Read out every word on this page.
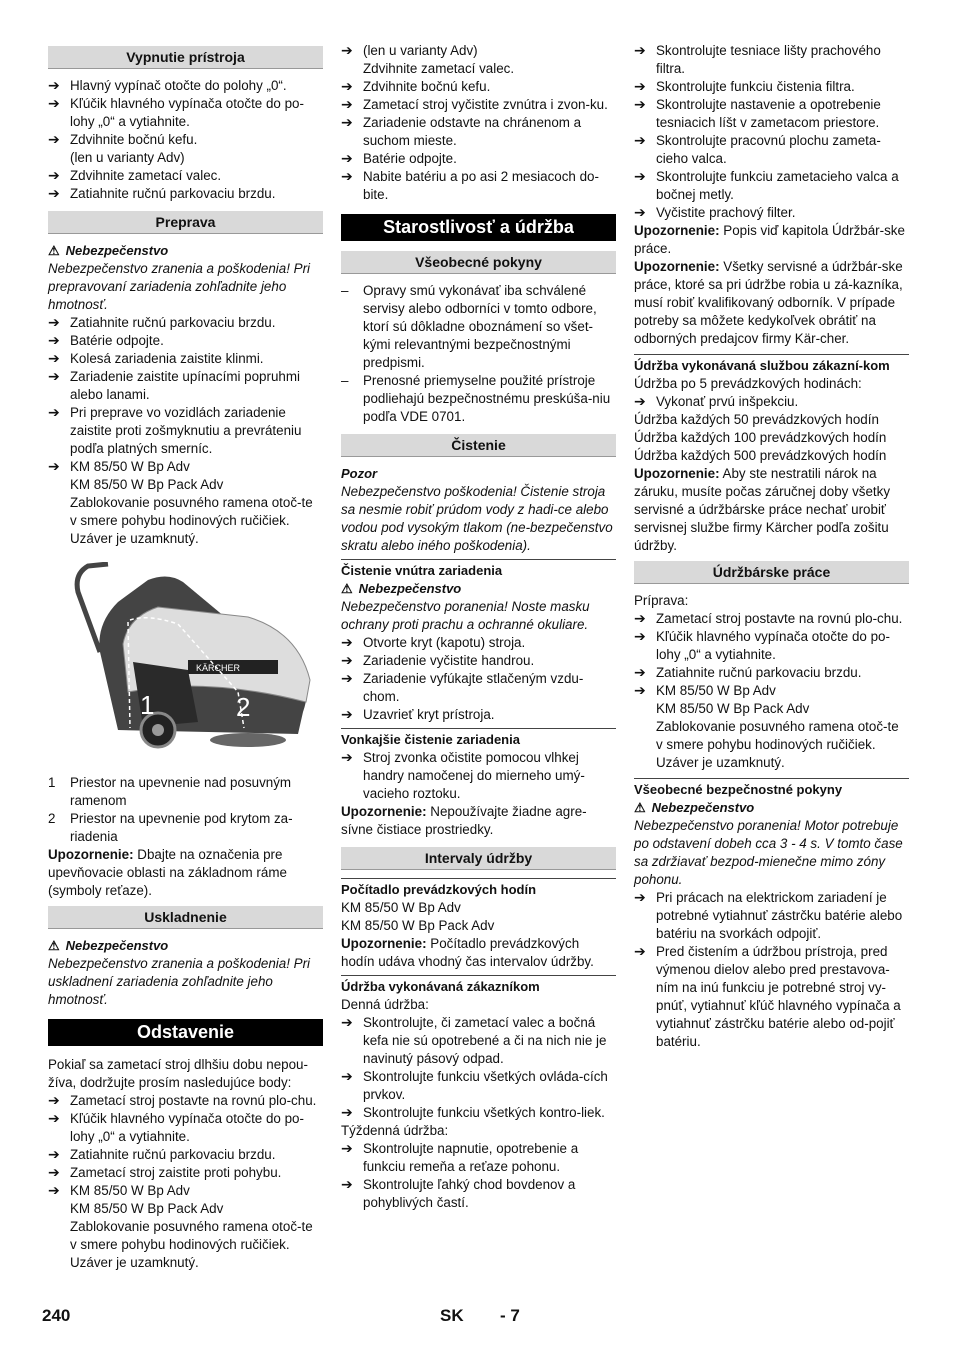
Vypnutie prístroja
➔ Hlavný vypínač otočte do polohy „0“.
➔ Kľúčik hlavného vypínača otočte do po-lohy „0“ a vytiahnite.
➔ Zdvihnite bočnú kefu.
(len u varianty Adv)
➔ Zdvihnite zametací valec.
➔ Zatiahnite ručnú parkovaciu brzdu.
Preprava
⚠ Nebezpečenstvo
Nebezpečenstvo zranenia a poškodenia! Pri prepravovaní zariadenia zohľadnite jeho hmotnosť.
➔ Zatiahnite ručnú parkovaciu brzdu.
➔ Batérie odpojte.
➔ Kolesá zariadenia zaistite klinmi.
➔ Zariadenie zaistite upínacími popruhmi alebo lanami.
➔ Pri preprave vo vozidlách zariadenie zaistite proti zošmyknutiu a prevráteniu podľa platných smerníc.
➔ KM 85/50 W Bp Adv
KM 85/50 W Bp Pack Adv
Zablokovanie posuvného ramena otoč-te v smere pohybu hodinových ručičiek. Uzáver je uzamknutý.
KÄRCHER
1	2
1 Priestor na upevnenie nad posuvným ramenom
2 Priestor na upevnenie pod krytom za-riadenia
Upozornenie: Dbajte na označenia pre upevňovacie oblasti na základnom ráme (symboly reťaze).
Uskladnenie
⚠ Nebezpečenstvo
Nebezpečenstvo zranenia a poškodenia! Pri uskladnení zariadenia zohľadnite jeho hmotnosť.
Odstavenie
Pokiaľ sa zametací stroj dlhšiu dobu nepou-žíva, dodržujte prosím nasledujúce body:
➔ Zametací stroj postavte na rovnú plo-chu.
➔ Kľúčik hlavného vypínača otočte do po-lohy „0“ a vytiahnite.
➔ Zatiahnite ručnú parkovaciu brzdu.
➔ Zametací stroj zaistite proti pohybu.
➔ KM 85/50 W Bp Adv
KM 85/50 W Bp Pack Adv
Zablokovanie posuvného ramena otoč-te v smere pohybu hodinových ručičiek. Uzáver je uzamknutý.
➔ (len u varianty Adv)
Zdvihnite zametací valec.
➔ Zdvihnite bočnú kefu.
➔ Zametací stroj vyčistite zvnútra i zvon-ku.
➔ Zariadenie odstavte na chránenom a suchom mieste.
➔ Batérie odpojte.
➔ Nabite batériu a po asi 2 mesiacoch do-bite.
Starostlivosť a údržba
Všeobecné pokyny
– Opravy smú vykonávať iba schválené servisy alebo odborníci v tomto odbore, ktorí sú dôkladne oboznámení so všet-kými relevantnými bezpečnostnými predpismi.
– Prenosné priemyselne použité prístroje podliehajú bezpečnostnému preskúša-niu podľa VDE 0701.
Čistenie
Pozor
Nebezpečenstvo poškodenia! Čistenie stroja sa nesmie robiť prúdom vody z hadi-ce alebo vodou pod vysokým tlakom (ne-bezpečenstvo skratu alebo iného poškodenia).
Čistenie vnútra zariadenia
⚠ Nebezpečenstvo
Nebezpečenstvo poranenia! Noste masku ochrany proti prachu a ochranné okuliare.
➔ Otvorte kryt (kapotu) stroja.
➔ Zariadenie vyčistite handrou.
➔ Zariadenie vyfúkajte stlačeným vzdu-chom.
➔ Uzavrieť kryt prístroja.
Vonkajšie čistenie zariadenia
➔ Stroj zvonka očistite pomocou vlhkej handry namočenej do mierneho umý-vacieho roztoku.
Upozornenie: Nepoužívajte žiadne agre-sívne čistiace prostriedky.
Intervaly údržby
Počítadlo prevádzkových hodín
KM 85/50 W Bp Adv
KM 85/50 W Bp Pack Adv
Upozornenie: Počítadlo prevádzkových hodín udáva vhodný čas intervalov údržby.
Údržba vykonávaná zákazníkom
Denná údržba:
➔ Skontrolujte, či zametací valec a bočná kefa nie sú opotrebené a či na nich nie je navinutý pásový odpad.
➔ Skontrolujte funkciu všetkých ovláda-cích prvkov.
➔ Skontrolujte funkciu všetkých kontro-liek.
Týždenná údržba:
➔ Skontrolujte napnutie, opotrebenie a funkciu remeňa a reťaze pohonu.
➔ Skontrolujte ľahký chod bovdenov a pohyblivých častí.
➔ Skontrolujte tesniace lišty prachového filtra.
➔ Skontrolujte funkciu čistenia filtra.
➔ Skontrolujte nastavenie a opotrebenie tesniacich líšt v zametacom priestore.
➔ Skontrolujte pracovnú plochu zameta-cieho valca.
➔ Skontrolujte funkciu zametacieho valca a bočnej metly.
➔ Vyčistite prachový filter.
Upozornenie: Popis viď kapitola Údržbár-ske práce.
Upozornenie: Všetky servisné a údržbár-ske práce, ktoré sa pri údržbe robia u zá-kazníka, musí robiť kvalifikovaný odborník. V prípade potreby sa môžete kedykoľvek obrátiť na odborných predajcov firmy Kär-cher.
Údržba vykonávaná službou zákazní-kom
Údržba po 5 prevádzkových hodinách:
➔ Vykonať prvú inšpekciu.
Údržba každých 50 prevádzkových hodín
Údržba každých 100 prevádzkových hodín
Údržba každých 500 prevádzkových hodín
Upozornenie: Aby ste nestratili nárok na záruku, musíte počas záručnej doby všetky servisné a údržbárske práce nechať urobiť servisnej službe firmy Kärcher podľa zošitu údržby.
Údržbárske práce
Príprava:
➔ Zametací stroj postavte na rovnú plo-chu.
➔ Kľúčik hlavného vypínača otočte do po-lohy „0“ a vytiahnite.
➔ Zatiahnite ručnú parkovaciu brzdu.
➔ KM 85/50 W Bp Adv
KM 85/50 W Bp Pack Adv
Zablokovanie posuvného ramena otoč-te v smere pohybu hodinových ručičiek. Uzáver je uzamknutý.
Všeobecné bezpečnostné pokyny
⚠ Nebezpečenstvo
Nebezpečenstvo poranenia! Motor potrebuje po odstavení dobeh cca 3 - 4 s. V tomto čase sa zdržiavať bezpod-mienečne mimo zóny pohonu.
➔ Pri prácach na elektrickom zariadení je potrebné vytiahnuť zástrčku batérie alebo batériu na svorkách odpojiť.
➔ Pred čistením a údržbou prístroja, pred výmenou dielov alebo pred prestavova-ním na inú funkciu je potrebné stroj vy-pnúť, vytiahnuť kľúč hlavného vypínača a vytiahnuť zástrčku batérie alebo od-pojiť batériu.
240	SK - 7
